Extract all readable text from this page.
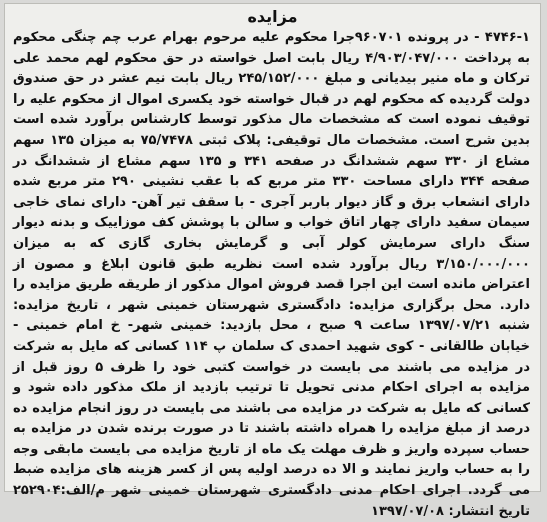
مزایده
۴۷۴۶-۱ - در پرونده ۹۶۰۷۰۱جرا محکوم علیه مرحوم بهرام عرب چم چنگی محکوم به پرداخت ۴/۹۰۳/۰۴۷/۰۰۰ ریال بابت اصل خواسته در حق محکوم لهم محمد علی ترکان و ماه منیر بیدیانی و مبلغ ۲۴۵/۱۵۲/۰۰۰ ریال بابت نیم عشر در حق صندوق دولت گردیده که محکوم لهم در قبال خواسته خود یکسری اموال از محکوم علیه را توقیف نموده است که مشخصات مال مذکور توسط کارشناس برآورد شده است بدین شرح است. مشخصات مال توقیفی: پلاک ثبتی ۷۵/۷۴۷۸ به میزان ۱۳۵ سهم مشاع از ۳۳۰ سهم ششدانگ در صفحه ۳۴۱ و ۱۳۵ سهم مشاع از ششدانگ در صفحه ۳۴۴ دارای مساحت ۳۳۰ متر مربع که با عقب نشینی ۲۹۰ متر مربع شده دارای انشعاب برق و گاز دیوار باربر آجری - با سقف تیر آهن- دارای نمای خاجی سیمان سفید دارای چهار اتاق خواب و سالن با پوشش کف موزاییک و بدنه دیوار سنگ دارای سرمایش کولر آبی و گرمایش بخاری گازی که به میزان ۳/۱۵۰/۰۰۰/۰۰۰ ریال برآورد شده است نظریه طبق قانون ابلاغ و مصون از اعتراض مانده است این اجرا قصد فروش اموال مذکور از طریقه طریق مزایده را دارد. محل برگزاری مزایده: دادگستری شهرستان خمینی شهر ، تاریخ مزایده: شنبه ۱۳۹۷/۰۷/۲۱ ساعت ۹ صبح ، محل بازدید: خمینی شهر- خ امام خمینی - خیابان طالقانی - کوی شهید احمدی ک سلمان پ ۱۱۴ کسانی که مایل به شرکت در مزایده می باشند می بایست در خواست کتبی خود را ظرف ۵ روز قبل از مزایده به اجرای احکام مدنی تحویل تا ترتیب بازدید از ملک مذکور داده شود و کسانی که مایل به شرکت در مزایده می باشند می بایست در روز انجام مزایده ده درصد از مبلغ مزایده را همراه داشته باشند تا در صورت برنده شدن در مزایده به حساب سپرده واریز و ظرف مهلت یک ماه از تاریخ مزایده می بایست مابقی وجه را به حساب واریز نمایند و الا ده درصد اولیه پس از کسر هزینه های مزایده ضبط می گردد. اجرای احکام مدنی دادگستری شهرستان خمینی شهر م/الف:۲۵۲۹۰۴ تاریخ انتشار: ۱۳۹۷/۰۷/۰۸
